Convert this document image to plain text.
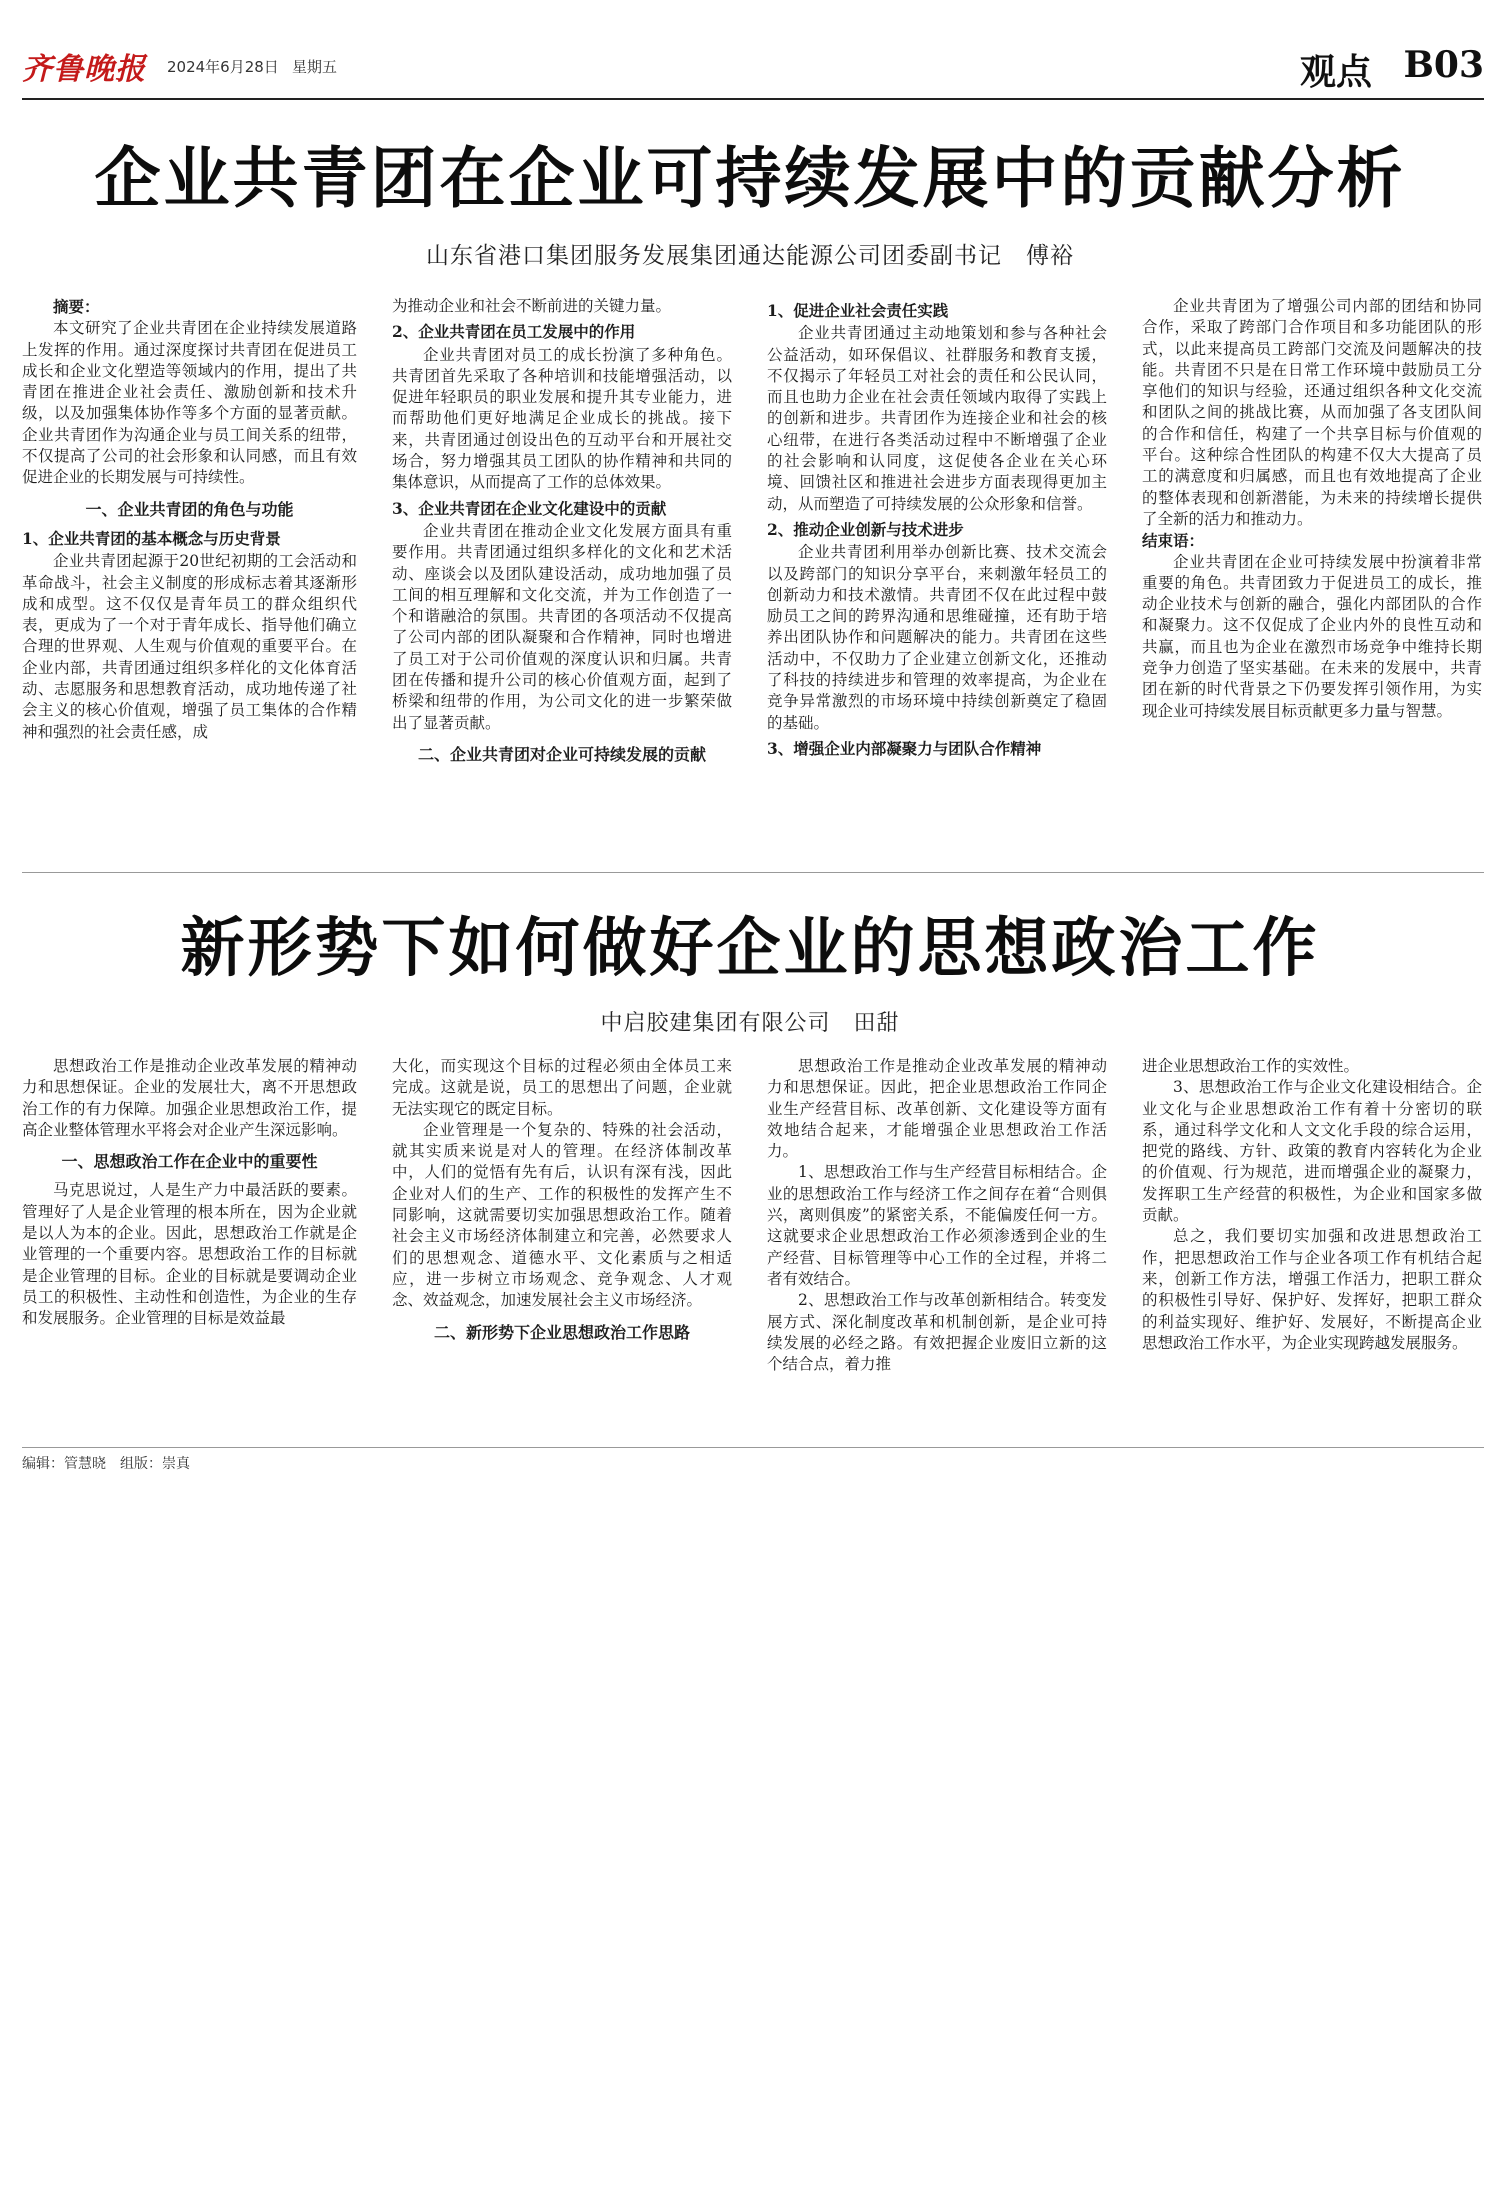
齐鲁晚报 2024年6月28日 星期五	观点 B03
企业共青团在企业可持续发展中的贡献分析
山东省港口集团服务发展集团通达能源公司团委副书记　傅裕

摘要：

本文研究了企业共青团在企业持续发展道路上发挥的作用。通过深度探讨共青团在促进员工成长和企业文化塑造等领域内的作用，提出了共青团在推进企业社会责任、激励创新和技术升级，以及加强集体协作等多个方面的显著贡献。企业共青团作为沟通企业与员工间关系的纽带，不仅提高了公司的社会形象和认同感，而且有效促进企业的长期发展与可持续性。

一、企业共青团的角色与功能

1、企业共青团的基本概念与历史背景

企业共青团起源于20世纪初期的工会活动和革命战斗，社会主义制度的形成标志着其逐渐形成和成型。这不仅仅是青年员工的群众组织代表，更成为了一个对于青年成长、指导他们确立合理的世界观、人生观与价值观的重要平台。在企业内部，共青团通过组织多样化的文化体育活动、志愿服务和思想教育活动，成功地传递了社会主义的核心价值观，增强了员工集体的合作精神和强烈的社会责任感，成

为推动企业和社会不断前进的关键力量。

2、企业共青团在员工发展中的作用

企业共青团对员工的成长扮演了多种角色。共青团首先采取了各种培训和技能增强活动，以促进年轻职员的职业发展和提升其专业能力，进而帮助他们更好地满足企业成长的挑战。接下来，共青团通过创设出色的互动平台和开展社交场合，努力增强其员工团队的协作精神和共同的集体意识，从而提高了工作的总体效果。

3、企业共青团在企业文化建设中的贡献

企业共青团在推动企业文化发展方面具有重要作用。共青团通过组织多样化的文化和艺术活动、座谈会以及团队建设活动，成功地加强了员工间的相互理解和文化交流，并为工作创造了一个和谐融洽的氛围。共青团的各项活动不仅提高了公司内部的团队凝聚和合作精神，同时也增进了员工对于公司价值观的深度认识和归属。共青团在传播和提升公司的核心价值观方面，起到了桥梁和纽带的作用，为公司文化的进一步繁荣做出了显著贡献。

二、企业共青团对企业可持续发展的贡献

1、促进企业社会责任实践

企业共青团通过主动地策划和参与各种社会公益活动，如环保倡议、社群服务和教育支援，不仅揭示了年轻员工对社会的责任和公民认同，而且也助力企业在社会责任领域内取得了实践上的创新和进步。共青团作为连接企业和社会的核心纽带，在进行各类活动过程中不断增强了企业的社会影响和认同度，这促使各企业在关心环境、回馈社区和推进社会进步方面表现得更加主动，从而塑造了可持续发展的公众形象和信誉。

2、推动企业创新与技术进步

企业共青团利用举办创新比赛、技术交流会以及跨部门的知识分享平台，来刺激年轻员工的创新动力和技术激情。共青团不仅在此过程中鼓励员工之间的跨界沟通和思维碰撞，还有助于培养出团队协作和问题解决的能力。共青团在这些活动中，不仅助力了企业建立创新文化，还推动了科技的持续进步和管理的效率提高，为企业在竞争异常激烈的市场环境中持续创新奠定了稳固的基础。

3、增强企业内部凝聚力与团队合作精神

企业共青团为了增强公司内部的团结和协同合作，采取了跨部门合作项目和多功能团队的形式，以此来提高员工跨部门交流及问题解决的技能。共青团不只是在日常工作环境中鼓励员工分享他们的知识与经验，还通过组织各种文化交流和团队之间的挑战比赛，从而加强了各支团队间的合作和信任，构建了一个共享目标与价值观的平台。这种综合性团队的构建不仅大大提高了员工的满意度和归属感，而且也有效地提高了企业的整体表现和创新潜能，为未来的持续增长提供了全新的活力和推动力。

结束语：

企业共青团在企业可持续发展中扮演着非常重要的角色。共青团致力于促进员工的成长，推动企业技术与创新的融合，强化内部团队的合作和凝聚力。这不仅促成了企业内外的良性互动和共赢，而且也为企业在激烈市场竞争中维持长期竞争力创造了坚实基础。在未来的发展中，共青团在新的时代背景之下仍要发挥引领作用，为实现企业可持续发展目标贡献更多力量与智慧。

新形势下如何做好企业的思想政治工作
中启胶建集团有限公司　田甜

思想政治工作是推动企业改革发展的精神动力和思想保证。企业的发展壮大，离不开思想政治工作的有力保障。加强企业思想政治工作，提高企业整体管理水平将会对企业产生深远影响。

一、思想政治工作在企业中的重要性

马克思说过，人是生产力中最活跃的要素。管理好了人是企业管理的根本所在，因为企业就是以人为本的企业。因此，思想政治工作就是企业管理的一个重要内容。思想政治工作的目标就是企业管理的目标。企业的目标就是要调动企业员工的积极性、主动性和创造性，为企业的生存和发展服务。企业管理的目标是效益最

大化，而实现这个目标的过程必须由全体员工来完成。这就是说，员工的思想出了问题，企业就无法实现它的既定目标。

企业管理是一个复杂的、特殊的社会活动，就其实质来说是对人的管理。在经济体制改革中，人们的觉悟有先有后，认识有深有浅，因此企业对人们的生产、工作的积极性的发挥产生不同影响，这就需要切实加强思想政治工作。随着社会主义市场经济体制建立和完善，必然要求人们的思想观念、道德水平、文化素质与之相适应，进一步树立市场观念、竞争观念、人才观念、效益观念，加速发展社会主义市场经济。

二、新形势下企业思想政治工作思路

思想政治工作是推动企业改革发展的精神动力和思想保证。因此，把企业思想政治工作同企业生产经营目标、改革创新、文化建设等方面有效地结合起来，才能增强企业思想政治工作活力。

1、思想政治工作与生产经营目标相结合。企业的思想政治工作与经济工作之间存在着“合则俱兴，离则俱废”的紧密关系，不能偏废任何一方。这就要求企业思想政治工作必须渗透到企业的生产经营、目标管理等中心工作的全过程，并将二者有效结合。

2、思想政治工作与改革创新相结合。转变发展方式、深化制度改革和机制创新，是企业可持续发展的必经之路。有效把握企业废旧立新的这个结合点，着力推

进企业思想政治工作的实效性。

3、思想政治工作与企业文化建设相结合。企业文化与企业思想政治工作有着十分密切的联系，通过科学文化和人文文化手段的综合运用，把党的路线、方针、政策的教育内容转化为企业的价值观、行为规范，进而增强企业的凝聚力，发挥职工生产经营的积极性，为企业和国家多做贡献。

总之，我们要切实加强和改进思想政治工作，把思想政治工作与企业各项工作有机结合起来，创新工作方法，增强工作活力，把职工群众的积极性引导好、保护好、发挥好，把职工群众的利益实现好、维护好、发展好，不断提高企业思想政治工作水平，为企业实现跨越发展服务。

编辑：管慧晓　组版：崇真
